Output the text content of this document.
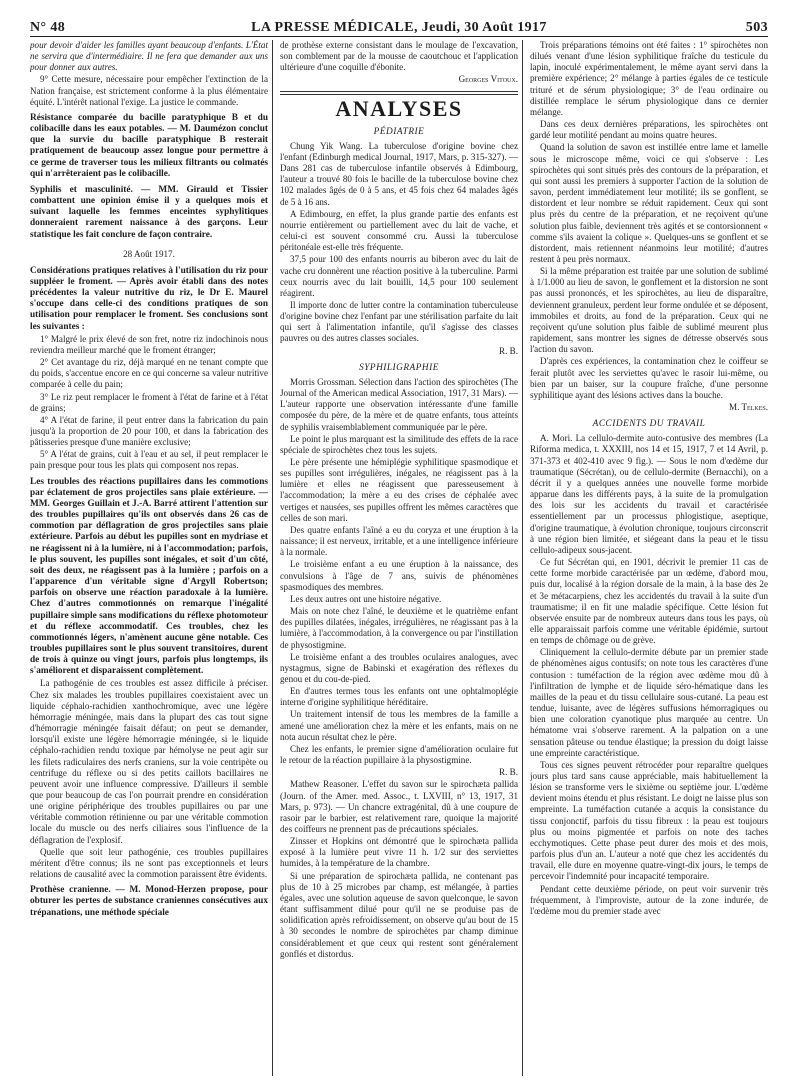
N° 48	LA PRESSE MÉDICALE, Jeudi, 30 Août 1917	503

pour devoir d'aider les familles ayant beaucoup d'enfants. L'État ne servira que d'intermédiaire. Il ne fera que demander aux uns pour donner aux autres.

9° Cette mesure, nécessaire pour empêcher l'extinction de la Nation française, est strictement conforme à la plus élémentaire équité. L'intérêt national l'exige. La justice le commande.

Résistance comparée du bacille paratyphique B et du colibacille dans les eaux potables. — M. Daumézon conclut que la survie du bacille paratyphique B resterait pratiquement de beaucoup assez longue pour permettre à ce germe de traverser tous les milieux filtrants ou colmatés qui n'arrêteraient pas le colibacille.

Syphilis et masculinité. — MM. Girauld et Tissier combattent une opinion émise il y a quelques mois et suivant laquelle les femmes enceintes syphylitiques donneraient rarement naissance à des garçons. Leur statistique les fait conclure de façon contraire.

28 Août 1917.

Considérations pratiques relatives à l'utilisation du riz pour suppléer le froment. — Après avoir établi dans des notes précédentes la valeur nutritive du riz, le Dr E. Maurel s'occupe dans celle-ci des conditions pratiques de son utilisation pour remplacer le froment. Ses conclusions sont les suivantes :

1° Malgré le prix élevé de son fret, notre riz indochinois nous reviendra meilleur marché que le froment étranger;

2° Cet avantage du riz, déjà marqué en ne tenant compte que du poids, s'accentue encore en ce qui concerne sa valeur nutritive comparée à celle du pain;

3° Le riz peut remplacer le froment à l'état de farine et à l'état de grains;

4° A l'état de farine, il peut entrer dans la fabrication du pain jusqu'à la proportion de 20 pour 100, et dans la fabrication des pâtisseries presque d'une manière exclusive;

5° A l'état de grains, cuit à l'eau et au sel, il peut remplacer le pain presque pour tous les plats qui composent nos repas.

Les troubles des réactions pupillaires dans les commotions par éclatement de gros projectiles sans plaie extérieure. — MM. Georges Guillain et J.-A. Barré attirent l'attention sur des troubles pupillaires qu'ils ont observés dans 26 cas de commotion par déflagration de gros projectiles sans plaie extérieure. Parfois au début les pupilles sont en mydriase et ne réagissent ni à la lumière, ni à l'accommodation; parfois, le plus souvent, les pupilles sont inégales, et soit d'un côté, soit des deux, ne réagissent pas à la lumière ; parfois on a l'apparence d'un véritable signe d'Argyll Robertson; parfois on observe une réaction paradoxale à la lumière. Chez d'autres commotionnés on remarque l'inégalité pupillaire simple sans modifications du réflexe photomoteur et du réflexe accommodatif. Ces troubles, chez les commotionnés légers, n'amènent aucune gêne notable. Ces troubles pupillaires sont le plus souvent transitoires, durent de trois à quinze ou vingt jours, parfois plus longtemps, ils s'améliorent et disparaissent complètement.

La pathogénie de ces troubles est assez difficile à préciser. Chez six malades les troubles pupillaires coexistaient avec un liquide céphalo-rachidien xanthochromique, avec une légère hémorragie méningée, mais dans la plupart des cas tout signe d'hémorragie méningée faisait défaut; on peut se demander, lorsqu'il existe une légère hémorragie méningée, si le liquide céphalo-rachidien rendu toxique par hémolyse ne peut agir sur les filets radiculaires des nerfs craniens, sur la voie centripète ou centrifuge du réflexe ou si des petits caillots bacillaires ne peuvent avoir une influence compressive. D'ailleurs il semble que pour beaucoup de cas l'on pourrait prendre en considération une origine périphérique des troubles pupillaires ou par une véritable commotion rétinienne ou par une véritable commotion locale du muscle ou des nerfs ciliaires sous l'influence de la déflagration de l'explosif.

Quelle que soit leur pathogénie, ces troubles pupillaires méritent d'être connus; ils ne sont pas exceptionnels et leurs relations de causalité avec la commotion paraissent être évidents.

Prothèse cranienne. — M. Monod-Herzen propose, pour obturer les pertes de substance craniennes consécutives aux trépanations, une méthode spéciale

de prothèse externe consistant dans le moulage de l'excavation, son comblement par de la mousse de caoutchouc et l'application ultérieure d'une coquille d'ébonite.

Georges Vitoux.

ANALYSES
PÉDIATRIE

Chung Yik Wang. La tuberculose d'origine bovine chez l'enfant (Edinburgh medical Journal, 1917, Mars, p. 315-327). — Dans 281 cas de tuberculose infantile observés à Edimbourg, l'auteur a trouvé 80 fois le bacille de la tuberculose bovine chez 102 malades âgés de 0 à 5 ans, et 45 fois chez 64 malades âgés de 5 à 16 ans.

A Edimbourg, en effet, la plus grande partie des enfants est nourrie entièrement ou partiellement avec du lait de vache, et celui-ci est souvent consommé cru. Aussi la tuberculose péritonéale est-elle très fréquente.

37,5 pour 100 des enfants nourris au biberon avec du lait de vache cru donnèrent une réaction positive à la tuberculine. Parmi ceux nourris avec du lait bouilli, 14,5 pour 100 seulement réagirent.

Il importe donc de lutter contre la contamination tuberculeuse d'origine bovine chez l'enfant par une stérilisation parfaite du lait qui sert à l'alimentation infantile, qu'il s'agisse des classes pauvres ou des autres classes sociales.

R. B.

SYPHILIGRAPHIE

Morris Grossman. Sélection dans l'action des spirochètes (The Journal of the American medical Association, 1917, 31 Mars). — L'auteur rapporte une observation intéressante d'une famille composée du père, de la mère et de quatre enfants, tous atteints de syphilis vraisemblablement communiquée par le père.

Le point le plus marquant est la similitude des effets de la race spéciale de spirochètes chez tous les sujets.

Le père présente une hémiplégie syphilitique spasmodique et ses pupilles sont irrégulières, inégales, ne réagissent pas à la lumière et elles ne réagissent que paresseusement à l'accommodation; la mère a eu des crises de céphalée avec vertiges et nausées, ses pupilles offrent les mêmes caractères que celles de son mari.

Des quatre enfants l'aîné a eu du coryza et une éruption à la naissance; il est nerveux, irritable, et a une intelligence inférieure à la normale.

Le troisième enfant a eu une éruption à la naissance, des convulsions à l'âge de 7 ans, suivis de phénomènes spasmodiques des membres.

Les deux autres ont une histoire négative.

Mais on note chez l'aîné, le deuxième et le quatrième enfant des pupilles dilatées, inégales, irrégulières, ne réagissant pas à la lumière, à l'accommodation, à la convergence ou par l'instillation de physostigmine.

Le troisième enfant a des troubles oculaires analogues, avec nystagmus, signe de Babinski et exagération des réflexes du genou et du cou-de-pied.

En d'autres termes tous les enfants ont une ophtalmoplégie interne d'origine syphilitique héréditaire.

Un traitement intensif de tous les membres de la famille a amené une amélioration chez la mère et les enfants, mais on ne nota aucun résultat chez le père.

Chez les enfants, le premier signe d'amélioration oculaire fut le retour de la réaction pupillaire à la physostigmine.

R. B.

Mathew Reasoner. L'effet du savon sur le spirochæta pallida (Journ. of the Amer. med. Assoc., t. LXVIII, n° 13, 1917, 31 Mars, p. 973). — Un chancre extragénital, dû à une coupure de rasoir par le barbier, est relativement rare, quoique la majorité des coiffeurs ne prennent pas de précautions spéciales.

Zinsser et Hopkins ont démontré que le spirochæta pallida exposé à la lumière peut vivre 11 h. 1/2 sur des serviettes humides, à la température de la chambre.

Si une préparation de spirochæta pallida, ne contenant pas plus de 10 à 25 microbes par champ, est mélangée, à parties égales, avec une solution aqueuse de savon quelconque, le savon étant suffisamment dilué pour qu'il ne se produise pas de solidification après refroidissement, on observe qu'au bout de 15 à 30 secondes le nombre de spirochètes par champ diminue considérablement et que ceux qui restent sont généralement gonflés et distordus.

Trois préparations témoins ont été faites : 1° spirochètes non dilués venant d'une lésion syphilitique fraîche du testicule du lapin, inoculé expérimentalement, le même ayant servi dans la première expérience; 2° mélange à parties égales de ce testicule trituré et de sérum physiologique; 3° de l'eau ordinaire ou distillée remplace le sérum physiologique dans ce dernier mélange.

Dans ces deux dernières préparations, les spirochètes ont gardé leur motilité pendant au moins quatre heures.

Quand la solution de savon est instillée entre lame et lamelle sous le microscope même, voici ce qui s'observe : Les spirochètes qui sont situés près des contours de la préparation, et qui sont aussi les premiers à supporter l'action de la solution de savon, perdent immédiatement leur motilité; ils se gonflent, se distordent et leur nombre se réduit rapidement. Ceux qui sont plus près du centre de la préparation, et ne reçoivent qu'une solution plus faible, deviennent très agités et se contorsionnent « comme s'ils avaient la colique ». Quelques-uns se gonflent et se distordent, mais retiennent néanmoins leur motilité; d'autres restent à peu près normaux.

Si la même préparation est traitée par une solution de sublimé à 1/1.000 au lieu de savon, le gonflement et la distorsion ne sont pas aussi prononcés, et les spirochètes, au lieu de disparaître, deviennent granuleux, perdent leur forme ondulée et se déposent, immobiles et droits, au fond de la préparation. Ceux qui ne reçoivent qu'une solution plus faible de sublimé meurent plus rapidement, sans montrer les signes de détresse observés sous l'action du savon.

D'après ces expériences, la contamination chez le coiffeur se ferait plutôt avec les serviettes qu'avec le rasoir lui-même, ou bien par un baiser, sur la coupure fraîche, d'une personne syphilitique ayant des lésions actives dans la bouche.

M. Telkes.

ACCIDENTS DU TRAVAIL

A. Mori. La cellulo-dermite auto-contusive des membres (La Riforma medica, t. XXXIII, nos 14 et 15, 1917, 7 et 14 Avril, p. 371-373 et 402-410 avec 9 fig.). — Sous le nom d'œdème dur traumatique (Sécrétan), ou de cellulo-dermite (Bernacchi), on a décrit il y a quelques années une nouvelle forme morbide apparue dans les différents pays, à la suite de la promulgation des lois sur les accidents du travail et caractérisée essentiellement par un processus phlogistique, aseptique, d'origine traumatique, à évolution chronique, toujours circonscrit à une région bien limitée, et siégeant dans la peau et le tissu cellulo-adipeux sous-jacent.

Ce fut Sécrétan qui, en 1901, décrivit le premier 11 cas de cette forme morbide caractérisée par un œdème, d'abord mou, puis dur, localisé à la région dorsale de la main, à la base des 2e et 3e métacarpiens, chez les accidentés du travail à la suite d'un traumatisme; il en fit une maladie spécifique. Cette lésion fut observée ensuite par de nombreux auteurs dans tous les pays, où elle apparaissait parfois comme une véritable épidémie, surtout en temps de chômage ou de grève.

Cliniquement la cellulo-dermite débute par un premier stade de phénomènes aigus contusifs; on note tous les caractères d'une contusion : tuméfaction de la région avec œdème mou dû à l'infiltration de lymphe et de liquide séro-hématique dans les mailles de la peau et du tissu cellulaire sous-cutané. La peau est tendue, luisante, avec de légères suffusions hémorragiques ou bien une coloration cyanotique plus marquée au centre. Un hématome vrai s'observe rarement. A la palpation on a une sensation pâteuse ou tendue élastique; la pression du doigt laisse une empreinte caractéristique.

Tous ces signes peuvent rétrocéder pour reparaître quelques jours plus tard sans cause appréciable, mais habituellement la lésion se transforme vers le sixième ou septième jour. L'œdème devient moins étendu et plus résistant. Le doigt ne laisse plus son empreinte. La tuméfaction cutanée a acquis la consistance du tissu conjonctif, parfois du tissu fibreux : la peau est toujours plus ou moins pigmentée et parfois on note des taches ecchymotiques. Cette phase peut durer des mois et des mois, parfois plus d'un an. L'auteur a noté que chez les accidentés du travail, elle dure en moyenne quatre-vingt-dix jours, le temps de percevoir l'indemnité pour incapacité temporaire.

Pendant cette deuxième période, on peut voir survenir très fréquemment, à l'improviste, autour de la zone indurée, de l'œdème mou du premier stade avec
